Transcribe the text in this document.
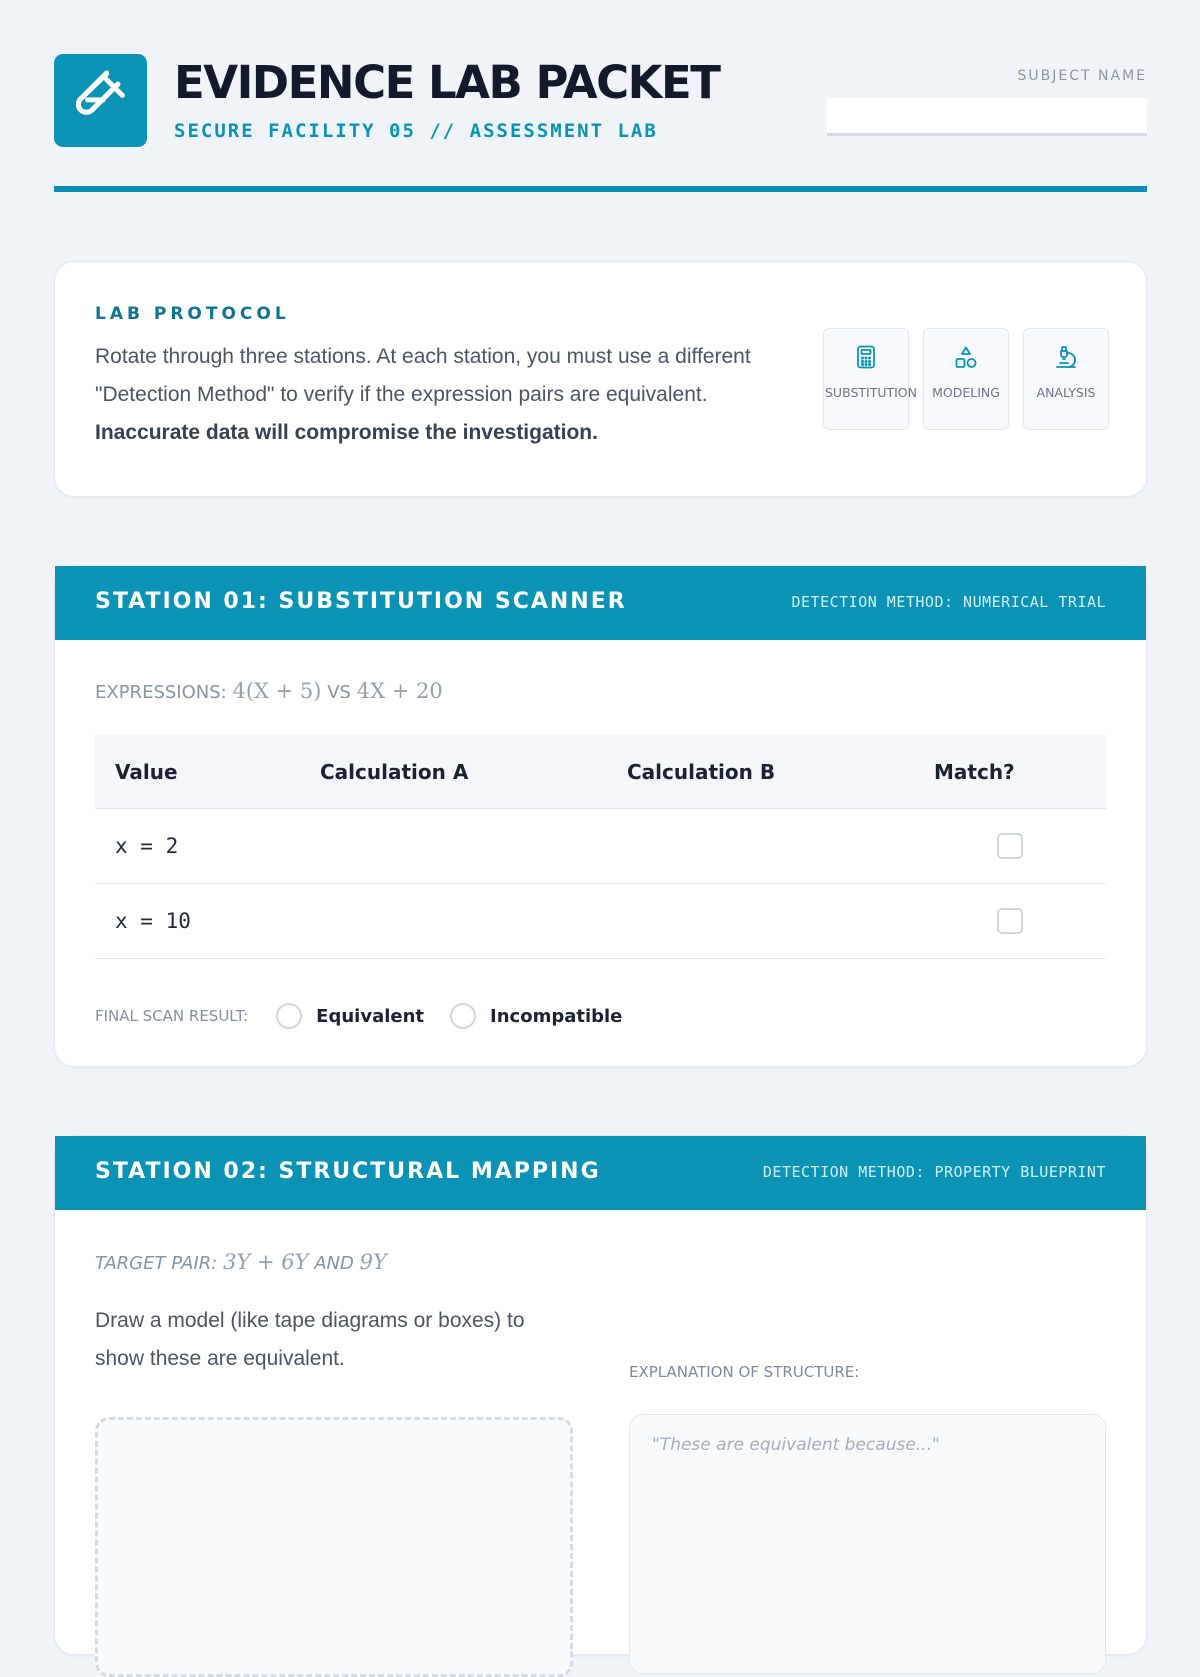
EVIDENCE LAB PACKET
SECURE FACILITY 05 // ASSESSMENT LAB
SUBJECT NAME
LAB PROTOCOL

Rotate through three stations. At each station, you must use a different "Detection Method" to verify if the expression pairs are equivalent. Inaccurate data will compromise the investigation.

SUBSTITUTION	MODELING	ANALYSIS
STATION 01: SUBSTITUTION SCANNER	DETECTION METHOD: NUMERICAL TRIAL
EXPRESSIONS: 4(X + 5) VS 4X + 20
Value	Calculation A	Calculation B	Match?
x = 2
x = 10
FINAL SCAN RESULT:	Equivalent	Incompatible
STATION 02: STRUCTURAL MAPPING	DETECTION METHOD: PROPERTY BLUEPRINT
TARGET PAIR: 3Y + 6Y AND 9Y

Draw a model (like tape diagrams or boxes) to show these are equivalent.

EXPLANATION OF STRUCTURE:
"These are equivalent because..."
